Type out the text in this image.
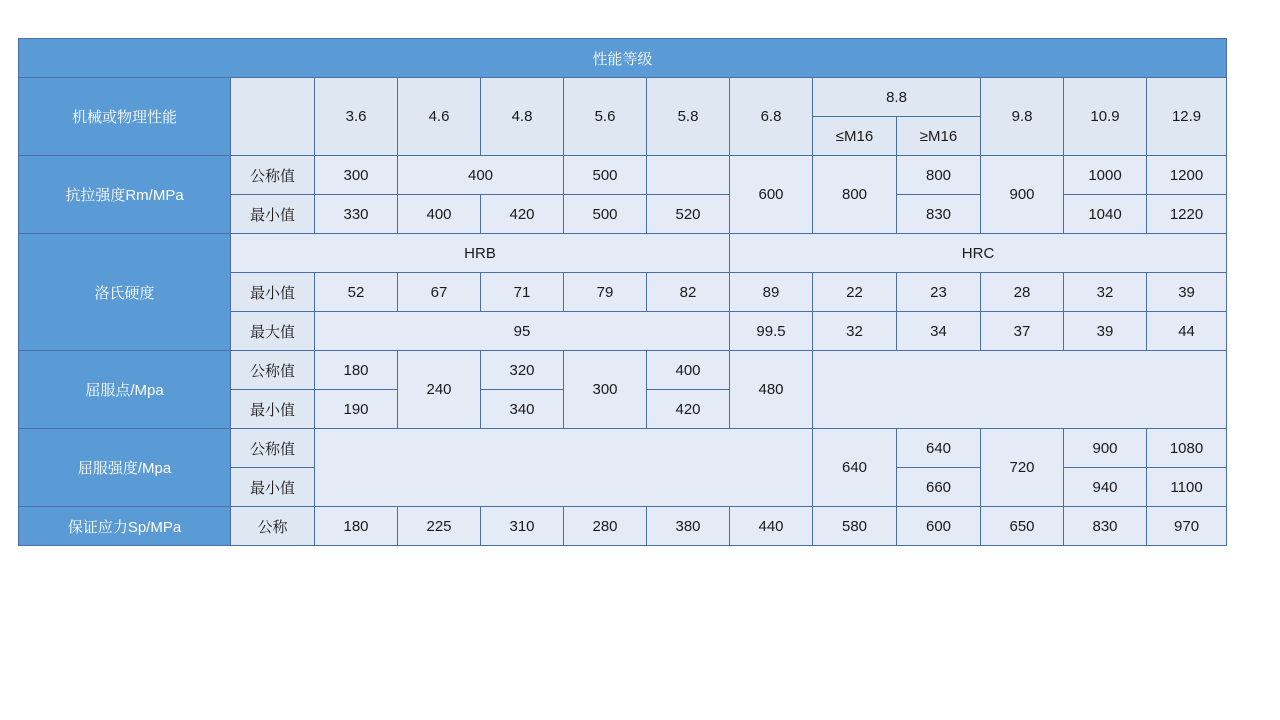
性能等级												
机械或物理性能		3.6	4.6	4.8	5.6	5.8	6.8	8.8		9.8	10.9	12.9
								≤M16	≥M16			
抗拉强度Rm/MPa	公称值	300	400		500		600	800	800	900	1000	1200
	最小值	330	400	420	500	520			830		1040	1220
洛氏硬度	HRB						HRC					
	最小值	52	67	71	79	82	89	22	23	28	32	39
	最大值	95					99.5	32	34	37	39	44
屈服点/Mpa	公称值	180	240	320	300	400	480					
	最小值	190		340		420						
屈服强度/Mpa	公称值							640	640	720	900	1080
	最小值								660		940	1100
保证应力Sp/MPa	公称	180	225	310	280	380	440	580	600	650	830	970
